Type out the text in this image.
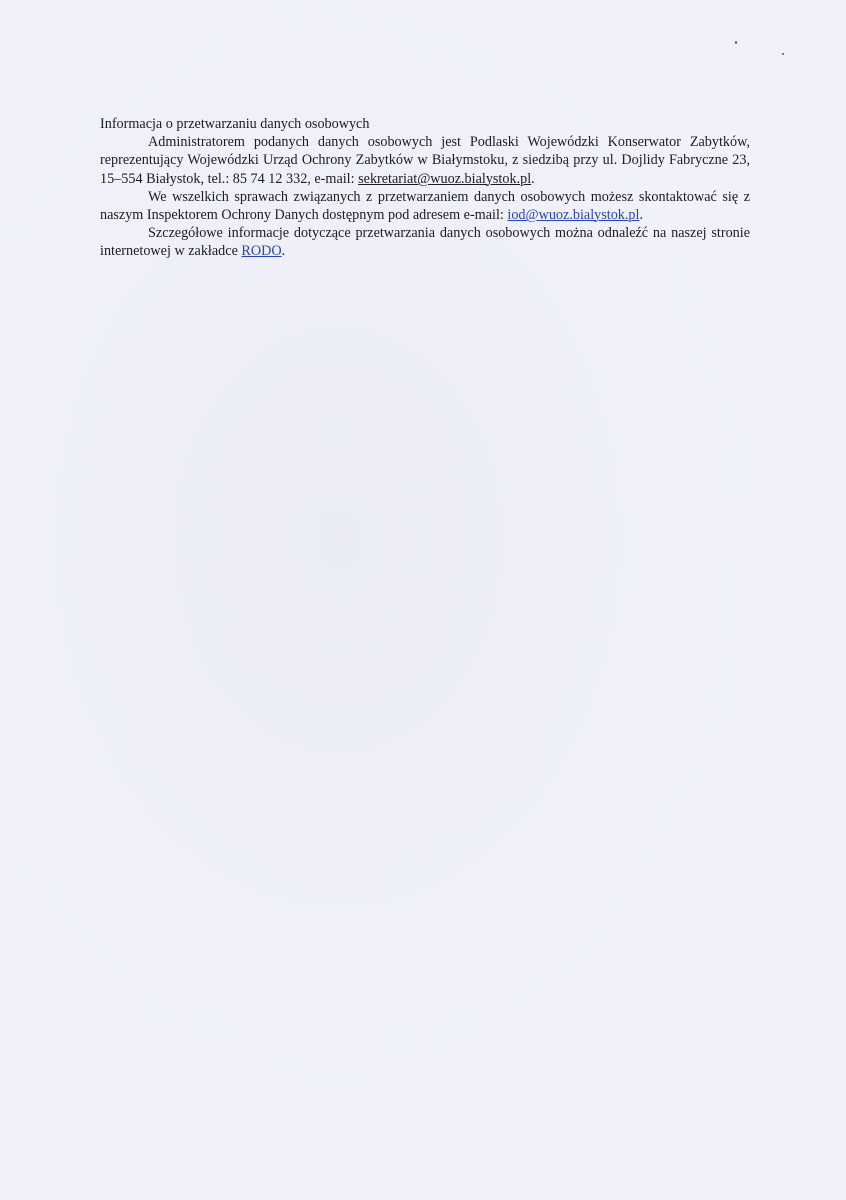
Informacja o przetwarzaniu danych osobowych

Administratorem podanych danych osobowych jest Podlaski Wojewódzki Konserwator Zabytków, reprezentujący Wojewódzki Urząd Ochrony Zabytków w Białymstoku, z siedzibą przy ul. Dojlidy Fabryczne 23, 15–554 Białystok, tel.: 85 74 12 332, e-mail: sekretariat@wuoz.bialystok.pl.

We wszelkich sprawach związanych z przetwarzaniem danych osobowych możesz skontaktować się z naszym Inspektorem Ochrony Danych dostępnym pod adresem e-mail: iod@wuoz.bialystok.pl.

Szczegółowe informacje dotyczące przetwarzania danych osobowych można odnaleźć na naszej stronie internetowej w zakładce RODO.
